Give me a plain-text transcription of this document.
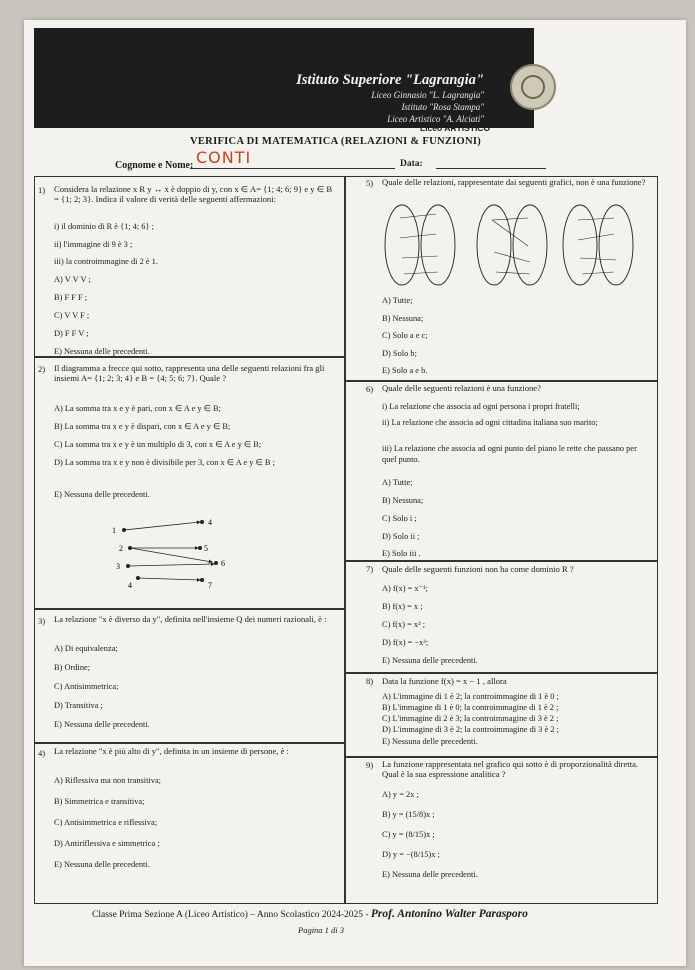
Istituto Superiore "Lagrangia"
Liceo Ginnasio "L. Lagrangia"
Istituto "Rosa Stampa"
Liceo Artistico "A. Alciati"
Liceo ARTISTICO
VERIFICA DI MATEMATICA (RELAZIONI & FUNZIONI)
Cognome e Nome: CONTI	Data:
1) Considera la relazione x R y ↔ x è doppio di y, con x ∈ A= {1; 4; 6; 9} e y ∈ B = {1; 2; 3}. Indica il valore di verità delle seguenti affermazioni:
i) il dominio di R è {1; 4; 6} ;
ii) l'immagine di 9 è 3 ;
iii) la controimmagine di 2 è 1.
A) V V V ;
B) F F F ;
C) V V F ;
D) F F V ;
E) Nessuna delle precedenti.
2) Il diagramma a frecce qui sotto, rappresenta una delle seguenti relazioni fra gli insiemi A= {1; 2; 3; 4} e B = {4; 5; 6; 7}. Quale ?
A) La somma tra x e y è pari, con x ∈ A e y ∈ B;
B) La somma tra x e y è dispari, con x ∈ A e y ∈ B;
C) La somma tra x e y è un multiplo di 3, con x ∈ A e y ∈ B;
D) La somma tra x e y non è divisibile per 3, con x ∈ A e y ∈ B ;
E) Nessuna delle precedenti.
1
2
3
4
4
5
6
7
3) La relazione "x è diverso da y", definita nell'insieme Q dei numeri razionali, è :
A) Di equivalenza;
B) Ordine;
C) Antisimmetrica;
D) Transitiva ;
E) Nessuna delle precedenti.
4) La relazione "x è più alto di y", definita in un insieme di persone, è :
A) Riflessiva ma non transitiva;
B) Simmetrica e transitiva;
C) Antisimmetrica e riflessiva;
D) Antiriflessiva e simmetrica ;
E) Nessuna delle precedenti.
5) Quale delle relazioni, rappresentate dai seguenti grafici, non è una funzione?
A) Tutte;
B) Nessuna;
C) Solo a e c;
D) Solo b;
E) Solo a e b.
6) Quale delle seguenti relazioni è una funzione?
i) La relazione che associa ad ogni persona i propri fratelli;
ii) La relazione che associa ad ogni cittadina italiana suo marito;
iii) La relazione che associa ad ogni punto del piano le rette che passano per quel punto.
A) Tutte;
B) Nessuna;
C) Solo i ;
D) Solo ii ;
E) Solo iii .
7) Quale delle seguenti funzioni non ha come dominio R ?
A) f(x) = x⁻¹;
B) f(x) = x ;
C) f(x) = x² ;
D) f(x) = −x³;
E) Nessuna delle precedenti.
8) Data la funzione f(x) = x − 1 , allora
A) L'immagine di 1 è 2; la controimmagine di 1 è 0 ;
B) L'immagine di 1 è 0; la controimmagine di 1 è 2 ;
C) L'immagine di 2 è 3; la controimmagine di 3 è 2 ;
D) L'immagine di 3 è 2; la controimmagine di 3 è 2 ;
E) Nessuna delle precedenti.
9) La funzione rappresentata nel grafico qui sotto è di proporzionalità diretta. Qual è la sua espressione analitica ?
A) y = 2x ;
B) y = (15/8)x ;
C) y = (8/15)x ;
D) y = −(8/15)x ;
E) Nessuna delle precedenti.
Classe Prima Sezione A (Liceo Artistico) – Anno Scolastico 2024-2025 - Prof. Antonino Walter Parasporo
Pagina 1 di 3
